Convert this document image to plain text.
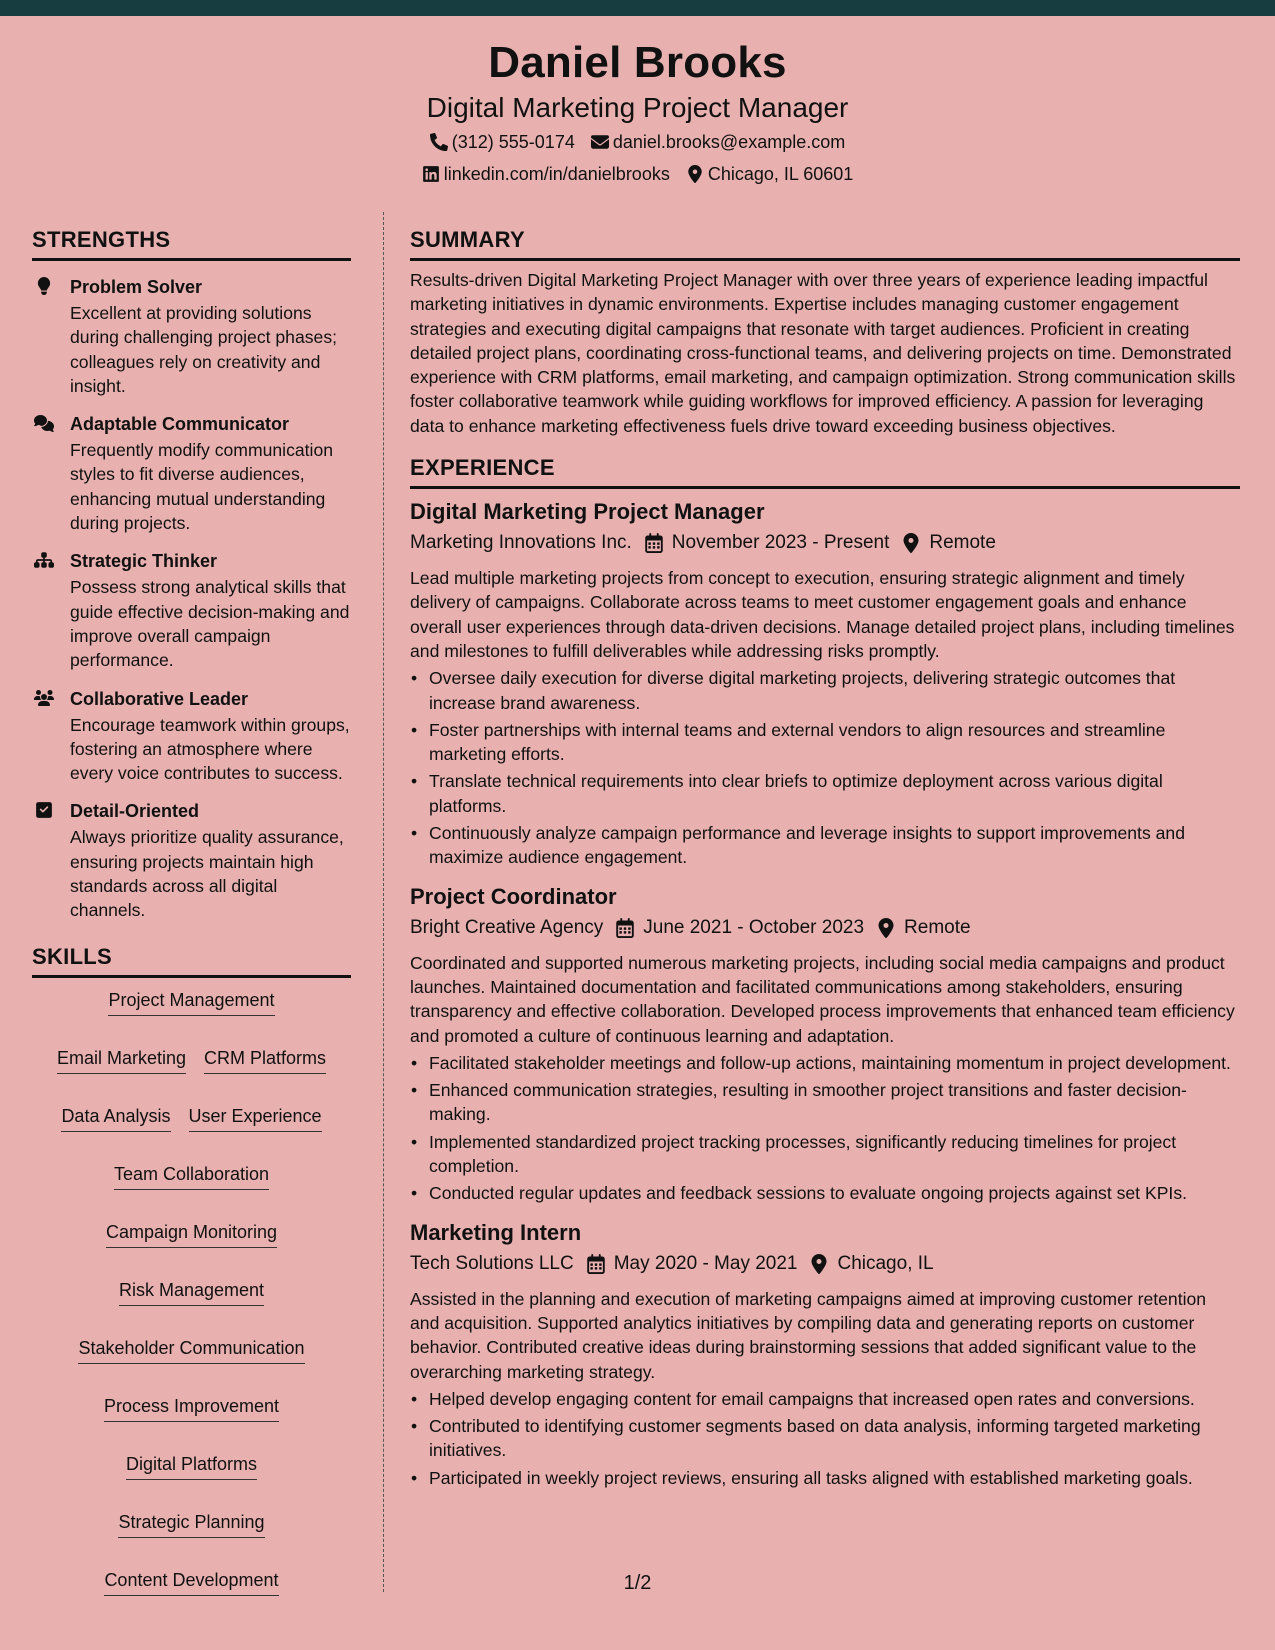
Daniel Brooks
Digital Marketing Project Manager
(312) 555-0174 daniel.brooks@example.com
linkedin.com/in/danielbrooks Chicago, IL 60601
STRENGTHS
Problem Solver
Excellent at providing solutions during challenging project phases; colleagues rely on creativity and insight.
Adaptable Communicator
Frequently modify communication styles to fit diverse audiences, enhancing mutual understanding during projects.
Strategic Thinker
Possess strong analytical skills that guide effective decision-making and improve overall campaign performance.
Collaborative Leader
Encourage teamwork within groups, fostering an atmosphere where every voice contributes to success.
Detail-Oriented
Always prioritize quality assurance, ensuring projects maintain high standards across all digital channels.
SKILLS
Project Management
Email Marketing CRM Platforms
Data Analysis User Experience
Team Collaboration
Campaign Monitoring
Risk Management
Stakeholder Communication
Process Improvement
Digital Platforms
Strategic Planning
Content Development
SUMMARY
Results-driven Digital Marketing Project Manager with over three years of experience leading impactful marketing initiatives in dynamic environments. Expertise includes managing customer engagement strategies and executing digital campaigns that resonate with target audiences. Proficient in creating detailed project plans, coordinating cross-functional teams, and delivering projects on time. Demonstrated experience with CRM platforms, email marketing, and campaign optimization. Strong communication skills foster collaborative teamwork while guiding workflows for improved efficiency. A passion for leveraging data to enhance marketing effectiveness fuels drive toward exceeding business objectives.
EXPERIENCE
Digital Marketing Project Manager
Marketing Innovations Inc. November 2023 - Present Remote
Lead multiple marketing projects from concept to execution, ensuring strategic alignment and timely delivery of campaigns. Collaborate across teams to meet customer engagement goals and enhance overall user experiences through data-driven decisions. Manage detailed project plans, including timelines and milestones to fulfill deliverables while addressing risks promptly.
• Oversee daily execution for diverse digital marketing projects, delivering strategic outcomes that increase brand awareness.
• Foster partnerships with internal teams and external vendors to align resources and streamline marketing efforts.
• Translate technical requirements into clear briefs to optimize deployment across various digital platforms.
• Continuously analyze campaign performance and leverage insights to support improvements and maximize audience engagement.
Project Coordinator
Bright Creative Agency June 2021 - October 2023 Remote
Coordinated and supported numerous marketing projects, including social media campaigns and product launches. Maintained documentation and facilitated communications among stakeholders, ensuring transparency and effective collaboration. Developed process improvements that enhanced team efficiency and promoted a culture of continuous learning and adaptation.
• Facilitated stakeholder meetings and follow-up actions, maintaining momentum in project development.
• Enhanced communication strategies, resulting in smoother project transitions and faster decision-making.
• Implemented standardized project tracking processes, significantly reducing timelines for project completion.
• Conducted regular updates and feedback sessions to evaluate ongoing projects against set KPIs.
Marketing Intern
Tech Solutions LLC May 2020 - May 2021 Chicago, IL
Assisted in the planning and execution of marketing campaigns aimed at improving customer retention and acquisition. Supported analytics initiatives by compiling data and generating reports on customer behavior. Contributed creative ideas during brainstorming sessions that added significant value to the overarching marketing strategy.
• Helped develop engaging content for email campaigns that increased open rates and conversions.
• Contributed to identifying customer segments based on data analysis, informing targeted marketing initiatives.
• Participated in weekly project reviews, ensuring all tasks aligned with established marketing goals.
1/2
